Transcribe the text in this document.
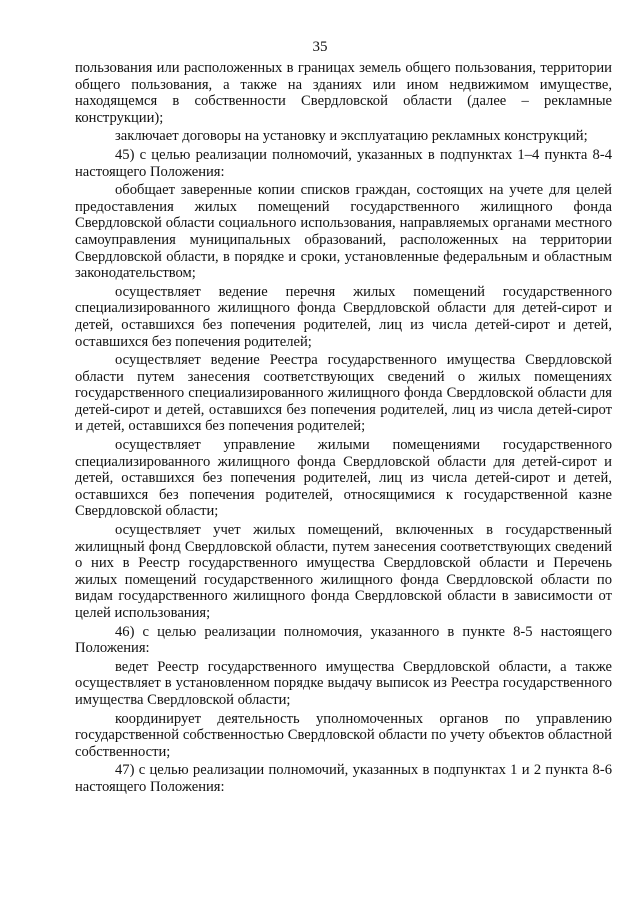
35

пользования или расположенных в границах земель общего пользования, территории общего пользования, а также на зданиях или ином недвижимом имуществе, находящемся в собственности Свердловской области (далее – рекламные конструкции);

заключает договоры на установку и эксплуатацию рекламных конструкций;

45) с целью реализации полномочий, указанных в подпунктах 1–4 пункта 8-4 настоящего Положения:

обобщает заверенные копии списков граждан, состоящих на учете для целей предоставления жилых помещений государственного жилищного фонда Свердловской области социального использования, направляемых органами местного самоуправления муниципальных образований, расположенных на территории Свердловской области, в порядке и сроки, установленные федеральным и областным законодательством;

осуществляет ведение перечня жилых помещений государственного специализированного жилищного фонда Свердловской области для детей-сирот и детей, оставшихся без попечения родителей, лиц из числа детей-сирот и детей, оставшихся без попечения родителей;

осуществляет ведение Реестра государственного имущества Свердловской области путем занесения соответствующих сведений о жилых помещениях государственного специализированного жилищного фонда Свердловской области для детей-сирот и детей, оставшихся без попечения родителей, лиц из числа детей-сирот и детей, оставшихся без попечения родителей;

осуществляет управление жилыми помещениями государственного специализированного жилищного фонда Свердловской области для детей-сирот и детей, оставшихся без попечения родителей, лиц из числа детей-сирот и детей, оставшихся без попечения родителей, относящимися к государственной казне Свердловской области;

осуществляет учет жилых помещений, включенных в государственный жилищный фонд Свердловской области, путем занесения соответствующих сведений о них в Реестр государственного имущества Свердловской области и Перечень жилых помещений государственного жилищного фонда Свердловской области по видам государственного жилищного фонда Свердловской области в зависимости от целей использования;

46) с целью реализации полномочия, указанного в пункте 8-5 настоящего Положения:

ведет Реестр государственного имущества Свердловской области, а также осуществляет в установленном порядке выдачу выписок из Реестра государственного имущества Свердловской области;

координирует деятельность уполномоченных органов по управлению государственной собственностью Свердловской области по учету объектов областной собственности;

47) с целью реализации полномочий, указанных в подпунктах 1 и 2 пункта 8-6 настоящего Положения:
